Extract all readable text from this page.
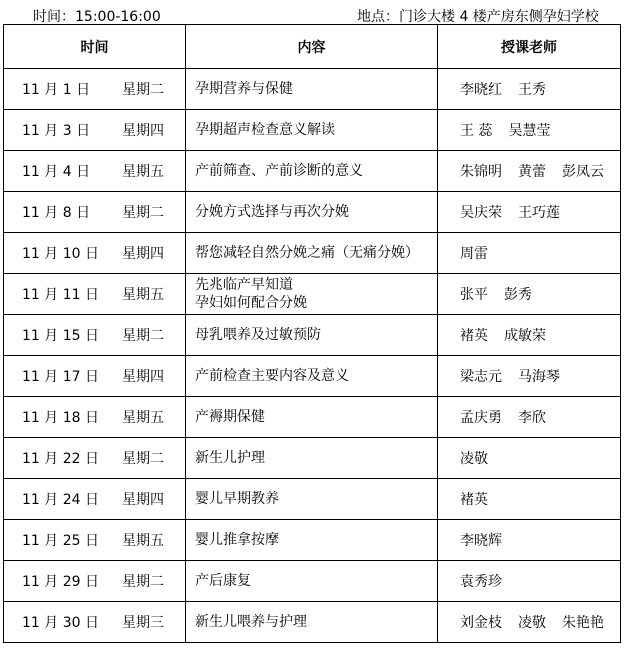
时间：15:00-16:00	地点：门诊大楼 4 楼产房东侧孕妇学校
时间	内容	授课老师

11 月 1 日 星期二	孕期营养与保健	李晓红 王秀

11 月 3 日 星期四	孕期超声检查意义解读	王 蕊 吴慧莹

11 月 4 日 星期五	产前筛查、产前诊断的意义	朱锦明 黄蕾 彭凤云

11 月 8 日 星期二	分娩方式选择与再次分娩	吴庆荣 王巧莲

11 月 10 日 星期四	帮您减轻自然分娩之痛（无痛分娩）	周雷

11 月 11 日 星期五	先兆临产早知道
孕妇如何配合分娩	张平 彭秀

11 月 15 日 星期二	母乳喂养及过敏预防	褚英 成敏荣

11 月 17 日 星期四	产前检查主要内容及意义	梁志元 马海琴

11 月 18 日 星期五	产褥期保健	孟庆勇 李欣

11 月 22 日 星期二	新生儿护理	凌敬

11 月 24 日 星期四	婴儿早期教养	褚英

11 月 25 日 星期五	婴儿推拿按摩	李晓辉

11 月 29 日 星期二	产后康复	袁秀珍

11 月 30 日 星期三	新生儿喂养与护理	刘金枝 凌敬 朱艳艳
